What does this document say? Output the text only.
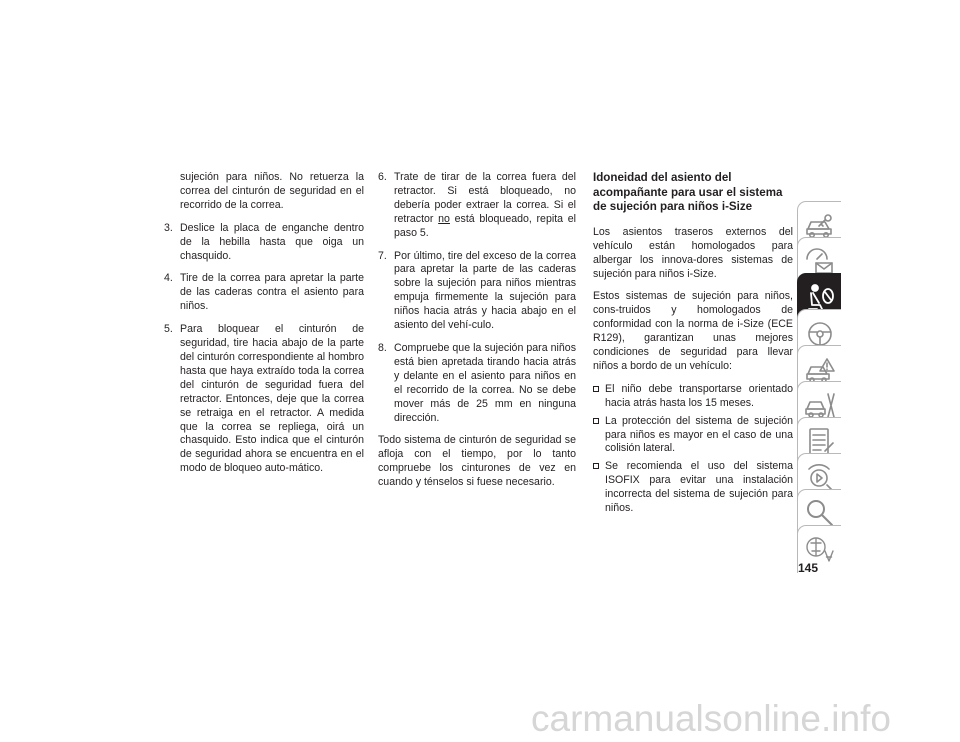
sujeción para niños. No retuerza la correa del cinturón de seguridad en el recorrido de la correa.

3. Deslice la placa de enganche dentro de la hebilla hasta que oiga un chasquido.
4. Tire de la correa para apretar la parte de las caderas contra el asiento para niños.
5. Para bloquear el cinturón de seguridad, tire hacia abajo de la parte del cinturón correspondiente al hombro hasta que haya extraído toda la correa del cinturón de seguridad fuera del retractor. Entonces, deje que la correa se retraiga en el retractor. A medida que la correa se repliega, oirá un chasquido. Esto indica que el cinturón de seguridad ahora se encuentra en el modo de bloqueo auto-mático.
6. Trate de tirar de la correa fuera del retractor. Si está bloqueado, no debería poder extraer la correa. Si el retractor no está bloqueado, repita el paso 5.
7. Por último, tire del exceso de la correa para apretar la parte de las caderas sobre la sujeción para niños mientras empuja firmemente la sujeción para niños hacia atrás y hacia abajo en el asiento del vehí-culo.
8. Compruebe que la sujeción para niños está bien apretada tirando hacia atrás y delante en el asiento para niños en el recorrido de la correa. No se debe mover más de 25 mm en ninguna dirección.

Todo sistema de cinturón de seguridad se afloja con el tiempo, por lo tanto compruebe los cinturones de vez en cuando y ténselos si fuese necesario.

Idoneidad del asiento del acompañante para usar el sistema de sujeción para niños i-Size

Los asientos traseros externos del vehículo están homologados para albergar los innova-dores sistemas de sujeción para niños i-Size.

Estos sistemas de sujeción para niños, cons-truidos y homologados de conformidad con la norma de i-Size (ECE R129), garantizan unas mejores condiciones de seguridad para llevar niños a bordo de un vehículo:

El niño debe transportarse orientado hacia atrás hasta los 15 meses.
La protección del sistema de sujeción para niños es mayor en el caso de una colisión lateral.
Se recomienda el uso del sistema ISOFIX para evitar una instalación incorrecta del sistema de sujeción para niños.
145
carmanualsonline.info
